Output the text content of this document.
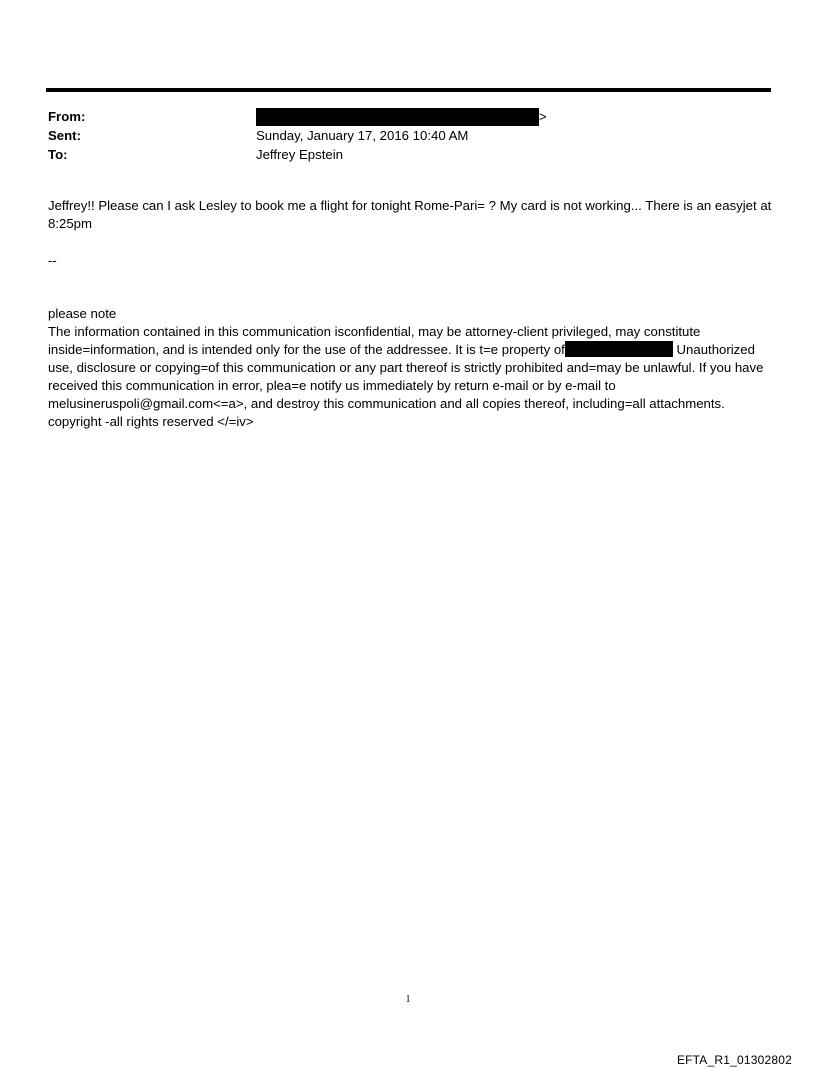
From:	>
Sent:	Sunday, January 17, 2016 10:40 AM
To:	Jeffrey Epstein
Jeffrey!! Please can I ask Lesley to book me a flight for tonight Rome-Pari= ? My card is not working... There is an easyjet at 8:25pm
--
please note
The information contained in this communication isconfidential, may be attorney-client privileged, may constitute inside=information, and is intended only for the use of the addressee. It is t=e property of	Unauthorized use, disclosure or copying=of this communication or any part thereof is strictly prohibited and=may be unlawful. If you have received this communication in error, plea=e notify us immediately by return e-mail or by e-mail to melusineruspoli@gmail.com<=a>, and destroy this communication and all copies thereof, including=all attachments.
copyright -all rights reserved </=iv>
1
EFTA_R1_01302802
